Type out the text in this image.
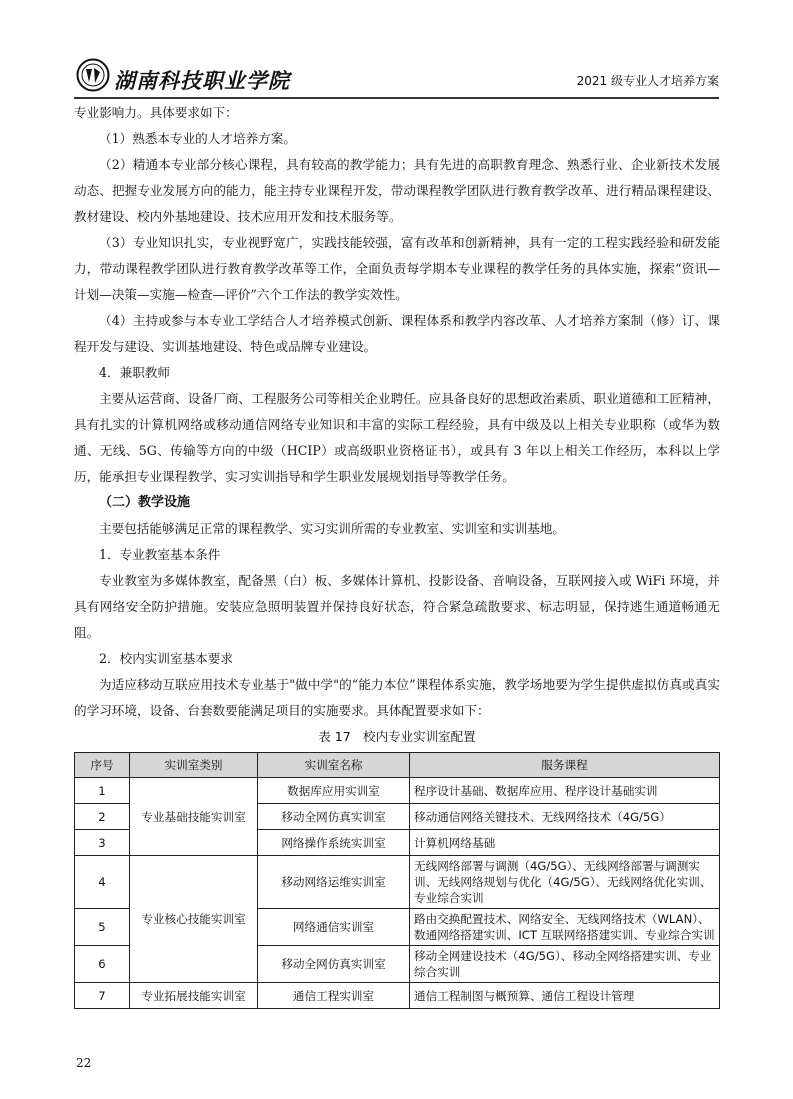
湖南科技职业学院	2021 级专业人才培养方案

专业影响力。具体要求如下：

（1）熟悉本专业的人才培养方案。

（2）精通本专业部分核心课程，具有较高的教学能力；具有先进的高职教育理念、熟悉行业、企业新技术发展动态、把握专业发展方向的能力，能主持专业课程开发，带动课程教学团队进行教育教学改革、进行精品课程建设、教材建设、校内外基地建设、技术应用开发和技术服务等。

（3）专业知识扎实，专业视野宽广，实践技能较强，富有改革和创新精神，具有一定的工程实践经验和研发能力，带动课程教学团队进行教育教学改革等工作，全面负责每学期本专业课程的教学任务的具体实施，探索“资讯—计划—决策—实施—检查—评价”六个工作法的教学实效性。

（4）主持或参与本专业工学结合人才培养模式创新、课程体系和教学内容改革、人才培养方案制（修）订、课程开发与建设、实训基地建设、特色或品牌专业建设。

4．兼职教师

主要从运营商、设备厂商、工程服务公司等相关企业聘任。应具备良好的思想政治素质、职业道德和工匠精神，具有扎实的计算机网络或移动通信网络专业知识和丰富的实际工程经验，具有中级及以上相关专业职称（或华为数通、无线、5G、传输等方向的中级（HCIP）或高级职业资格证书），或具有 3 年以上相关工作经历，本科以上学历，能承担专业课程教学、实习实训指导和学生职业发展规划指导等教学任务。

（二）教学设施

主要包括能够满足正常的课程教学、实习实训所需的专业教室、实训室和实训基地。

1．专业教室基本条件

专业教室为多媒体教室，配备黑（白）板、多媒体计算机、投影设备、音响设备，互联网接入或 WiFi 环境，并具有网络安全防护措施。安装应急照明装置并保持良好状态，符合紧急疏散要求、标志明显，保持逃生通道畅通无阻。

2．校内实训室基本要求

为适应移动互联应用技术专业基于"做中学"的“能力本位”课程体系实施，教学场地要为学生提供虚拟仿真或真实的学习环境，设备、台套数要能满足项目的实施要求。具体配置要求如下：

表 17　校内专业实训室配置
序号	实训室类别	实训室名称	服务课程
1	专业基础技能实训室	数据库应用实训室	程序设计基础、数据库应用、程序设计基础实训
2		移动全网仿真实训室	移动通信网络关键技术、无线网络技术（4G/5G）
3		网络操作系统实训室	计算机网络基础
4	专业核心技能实训室	移动网络运维实训室	无线网络部署与调测（4G/5G）、无线网络部署与调测实训、无线网络规划与优化（4G/5G）、无线网络优化实训、专业综合实训
5		网络通信实训室	路由交换配置技术、网络安全、无线网络技术（WLAN）、数通网络搭建实训、ICT 互联网络搭建实训、专业综合实训
6		移动全网仿真实训室	移动全网建设技术（4G/5G）、移动全网络搭建实训、专业综合实训
7	专业拓展技能实训室	通信工程实训室	通信工程制图与概预算、通信工程设计管理
22
